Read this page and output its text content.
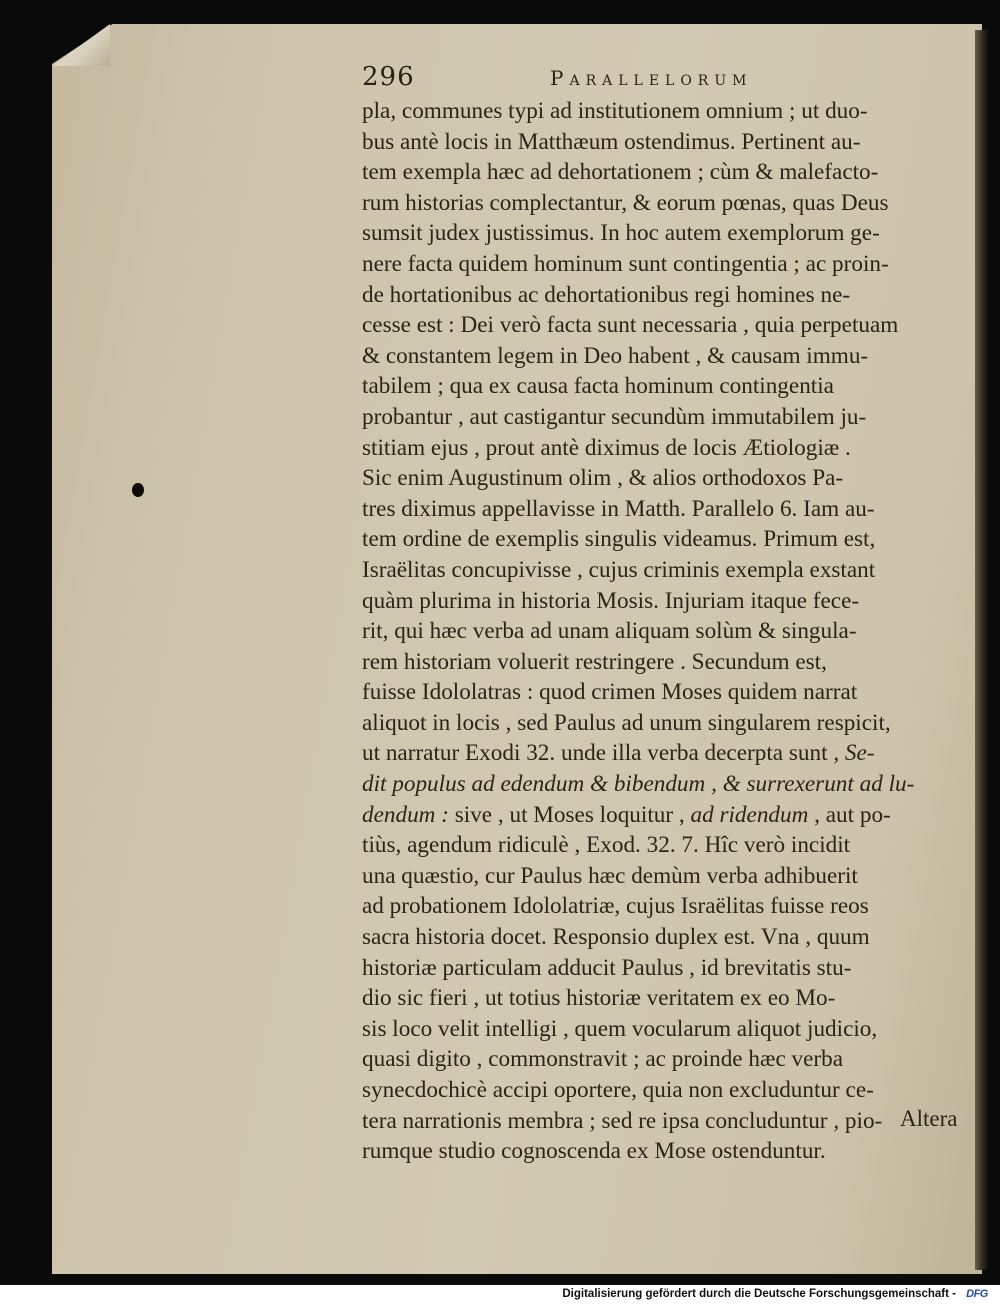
296	Parallelorum
pla, communes typi ad institutionem omnium ; ut duo-
bus antè locis in Matthæum ostendimus. Pertinent au-
tem exempla hæc ad dehortationem ; cùm & malefacto-
rum historias complectantur, & eorum pœnas, quas Deus
sumsit judex justissimus. In hoc autem exemplorum ge-
nere facta quidem hominum sunt contingentia ; ac proin-
de hortationibus ac dehortationibus regi homines ne-
cesse est : Dei verò facta sunt necessaria , quia perpetuam
& constantem legem in Deo habent , & causam immu-
tabilem ; qua ex causa facta hominum contingentia
probantur , aut castigantur secundùm immutabilem ju-
stitiam ejus , prout antè diximus de locis Ætiologiæ .
Sic enim Augustinum olim , & alios orthodoxos Pa-
tres diximus appellavisse in Matth. Parallelo 6. Iam au-
tem ordine de exemplis singulis videamus. Primum est,
Israëlitas concupivisse , cujus criminis exempla exstant
quàm plurima in historia Mosis. Injuriam itaque fece-
rit, qui hæc verba ad unam aliquam solùm & singula-
rem historiam voluerit restringere . Secundum est,
fuisse Idololatras : quod crimen Moses quidem narrat
aliquot in locis , sed Paulus ad unum singularem respicit,
ut narratur Exodi 32. unde illa verba decerpta sunt , Se-
dit populus ad edendum & bibendum , & surrexerunt ad lu-
dendum : sive , ut Moses loquitur , ad ridendum , aut po-
tiùs, agendum ridiculè , Exod. 32. 7. Hîc verò incidit
una quæstio, cur Paulus hæc demùm verba adhibuerit
ad probationem Idololatriæ, cujus Israëlitas fuisse reos
sacra historia docet. Responsio duplex est. Vna , quum
historiæ particulam adducit Paulus , id brevitatis stu-
dio sic fieri , ut totius historiæ veritatem ex eo Mo-
sis loco velit intelligi , quem vocularum aliquot judicio,
quasi digito , commonstravit ; ac proinde hæc verba
synecdochicè accipi oportere, quia non excluduntur ce-
tera narrationis membra ; sed re ipsa concluduntur , pio-
rumque studio cognoscenda ex Mose ostenduntur.
Altera
Digitalisierung gefördert durch die Deutsche Forschungsgemeinschaft - DFG
